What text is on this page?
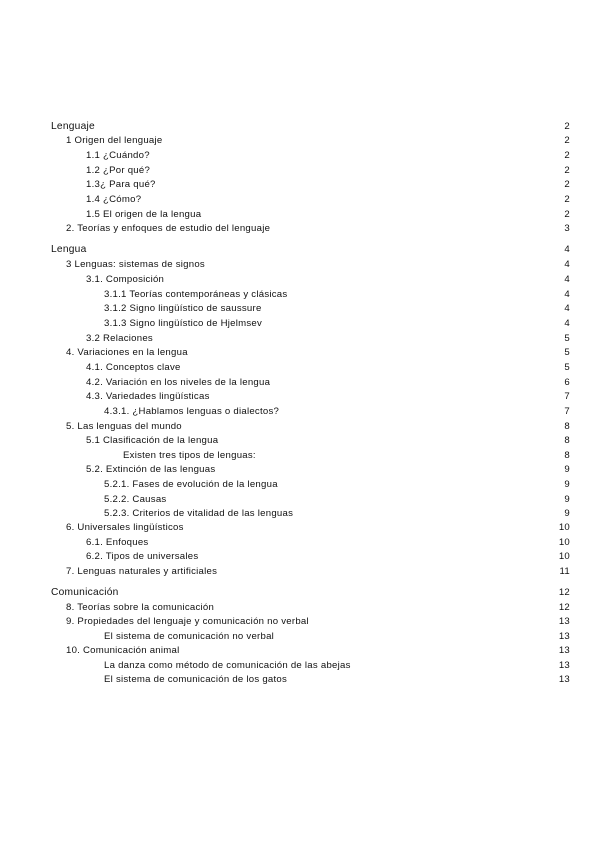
Lenguaje	2
1 Origen del lenguaje	2
1.1 ¿Cuándo?	2
1.2 ¿Por qué?	2
1.3¿ Para qué?	2
1.4 ¿Cómo?	2
1.5 El origen de la lengua	2
2. Teorías y enfoques de estudio del lenguaje	3
Lengua	4
3 Lenguas: sistemas de signos	4
3.1. Composición	4
3.1.1 Teorías contemporáneas y clásicas	4
3.1.2 Signo lingüístico de saussure	4
3.1.3 Signo lingüístico de Hjelmsev	4
3.2 Relaciones	5
4. Variaciones en la lengua	5
4.1. Conceptos clave	5
4.2. Variación en los niveles de la lengua	6
4.3. Variedades lingüísticas	7
4.3.1. ¿Hablamos lenguas o dialectos?	7
5. Las lenguas del mundo	8
5.1 Clasificación de la lengua	8
Existen tres tipos de lenguas:	8
5.2. Extinción de las lenguas	9
5.2.1. Fases de evolución de la lengua	9
5.2.2. Causas	9
5.2.3. Criterios de vitalidad de las lenguas	9
6. Universales lingüísticos	10
6.1. Enfoques	10
6.2. Tipos de universales	10
7. Lenguas naturales y artificiales	11
Comunicación	12
8. Teorías sobre la comunicación	12
9. Propiedades del lenguaje y comunicación no verbal	13
El sistema de comunicación no verbal	13
10. Comunicación animal	13
La danza como método de comunicación de las abejas	13
El sistema de comunicación de los gatos	13
